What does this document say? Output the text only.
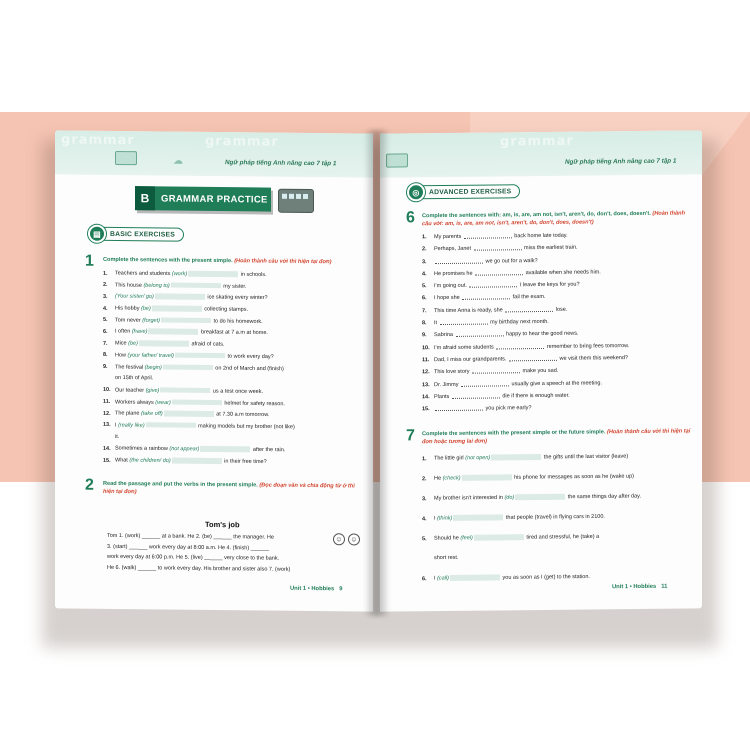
grammar	grammar
☁	Ngữ pháp tiếng Anh nâng cao 7 tập 1
B	GRAMMAR PRACTICE
▤	BASIC EXERCISES
1 Complete the sentences with the present simple. (Hoàn thành câu với thì hiện tại đơn)
1. Teachers and students (work)	in schools.
2. This house (belong to)	my sister.
3. (Your sister/ go)	ice skating every winter?
4. His hobby (be)	collecting stamps.
5. Tom never (forget)	to do his homework.
6. I often (have)	breakfast at 7 a.m at home.
7. Mice (be)	afraid of cats.
8. How (your father/ travel)	to work every day?
9. The festival (begin)	on 2nd of March and (finish)
on 15th of April.
10. Our teacher (give)	us a test once week.
11. Workers always (wear)	helmet for safety reason.
12. The plane (take off)	at 7.30 a.m tomorrow.
13. I (really like)	making models but my brother (not like)
it.
14. Sometimes a rainbow (not appear)	after the rain.
15. What (the children/ do)	in their free time?
2 Read the passage and put the verbs in the present simple. (Đọc đoạn văn và chia động từ ở thì hiện tại đơn)
Tom's job
Tom 1. (work) ______ at a bank. He 2. (be) ______ the manager. He
3. (start) ______ work every day at 8:00 a.m. He 4. (finish) ______
work every day at 6:00 p.m. He 5. (live) ______ very close to the bank.
He 6. (walk) ______ to work every day. His brother and sister also 7. (work)
☺	☺
Unit 1 • Hobbies 9
grammar
Ngữ pháp tiếng Anh nâng cao 7 tập 1
◎	ADVANCED EXERCISES
6 Complete the sentences with: am, is, are, am not, isn't, aren't, do, don't, does, doesn't. (Hoàn thành câu với: am, is, are, am not, isn't, aren't, do, don't, does, doesn't)
1. My parents	back home late today.
2. Perhaps, Janet	miss the earliest train.
3.	we go out for a walk?
4. He promises he	available when she needs him.
5. I'm going out.	I leave the keys for you?
6. I hope she	fail the exam.
7. This time Anna is ready, she	lose.
8. It	my birthday next month.
9. Sabrina	happy to hear the good news.
10. I'm afraid some students	remember to bring fees tomorrow.
11. Dad, I miss our grandparents.	we visit them this weekend?
12. This love story	make you sad.
13. Dr. Jimmy	usually give a speech at the meeting.
14. Plants	die if there is enough water.
15.	you pick me early?
7 Complete the sentences with the present simple or the future simple. (Hoàn thành câu với thì hiện tại đơn hoặc tương lai đơn)
1. The little girl (not open)	the gifts until the last visitor (leave)
2. He (check)	his phone for messages as soon as he (wake up)
3. My brother isn't interested in (do)	the same things day after day.
4. I (think)	that people (travel) in flying cars in 2100.
5. Should he (feel)	tired and stressful, he (take) a
short rest.
6. I (call)	you as soon as I (get) to the station.
Unit 1 • Hobbies 11
